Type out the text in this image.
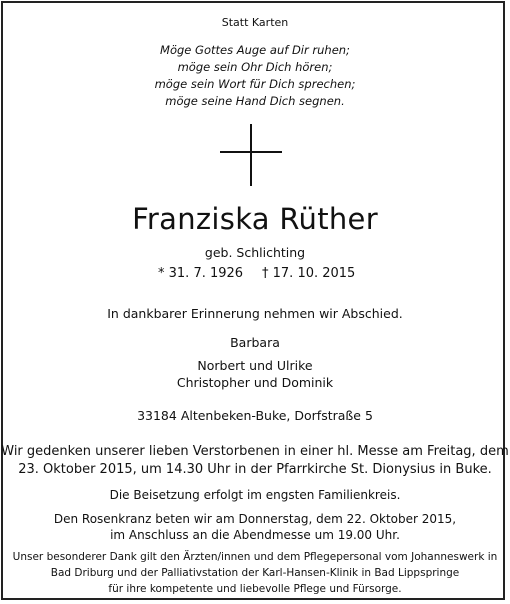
Statt Karten
Möge Gottes Auge auf Dir ruhen;
möge sein Ohr Dich hören;
möge sein Wort für Dich sprechen;
möge seine Hand Dich segnen.
Franziska Rüther
geb. Schlichting
* 31. 7. 1926 † 17. 10. 2015
In dankbarer Erinnerung nehmen wir Abschied.
Barbara
Norbert und Ulrike
Christopher und Dominik
33184 Altenbeken-Buke, Dorfstraße 5
Wir gedenken unserer lieben Verstorbenen in einer hl. Messe am Freitag, dem
23. Oktober 2015, um 14.30 Uhr in der Pfarrkirche St. Dionysius in Buke.
Die Beisetzung erfolgt im engsten Familienkreis.
Den Rosenkranz beten wir am Donnerstag, dem 22. Oktober 2015,
im Anschluss an die Abendmesse um 19.00 Uhr.
Unser besonderer Dank gilt den Ärzten/innen und dem Pflegepersonal vom Johanneswerk in
Bad Driburg und der Palliativstation der Karl-Hansen-Klinik in Bad Lippspringe
für ihre kompetente und liebevolle Pflege und Fürsorge.
